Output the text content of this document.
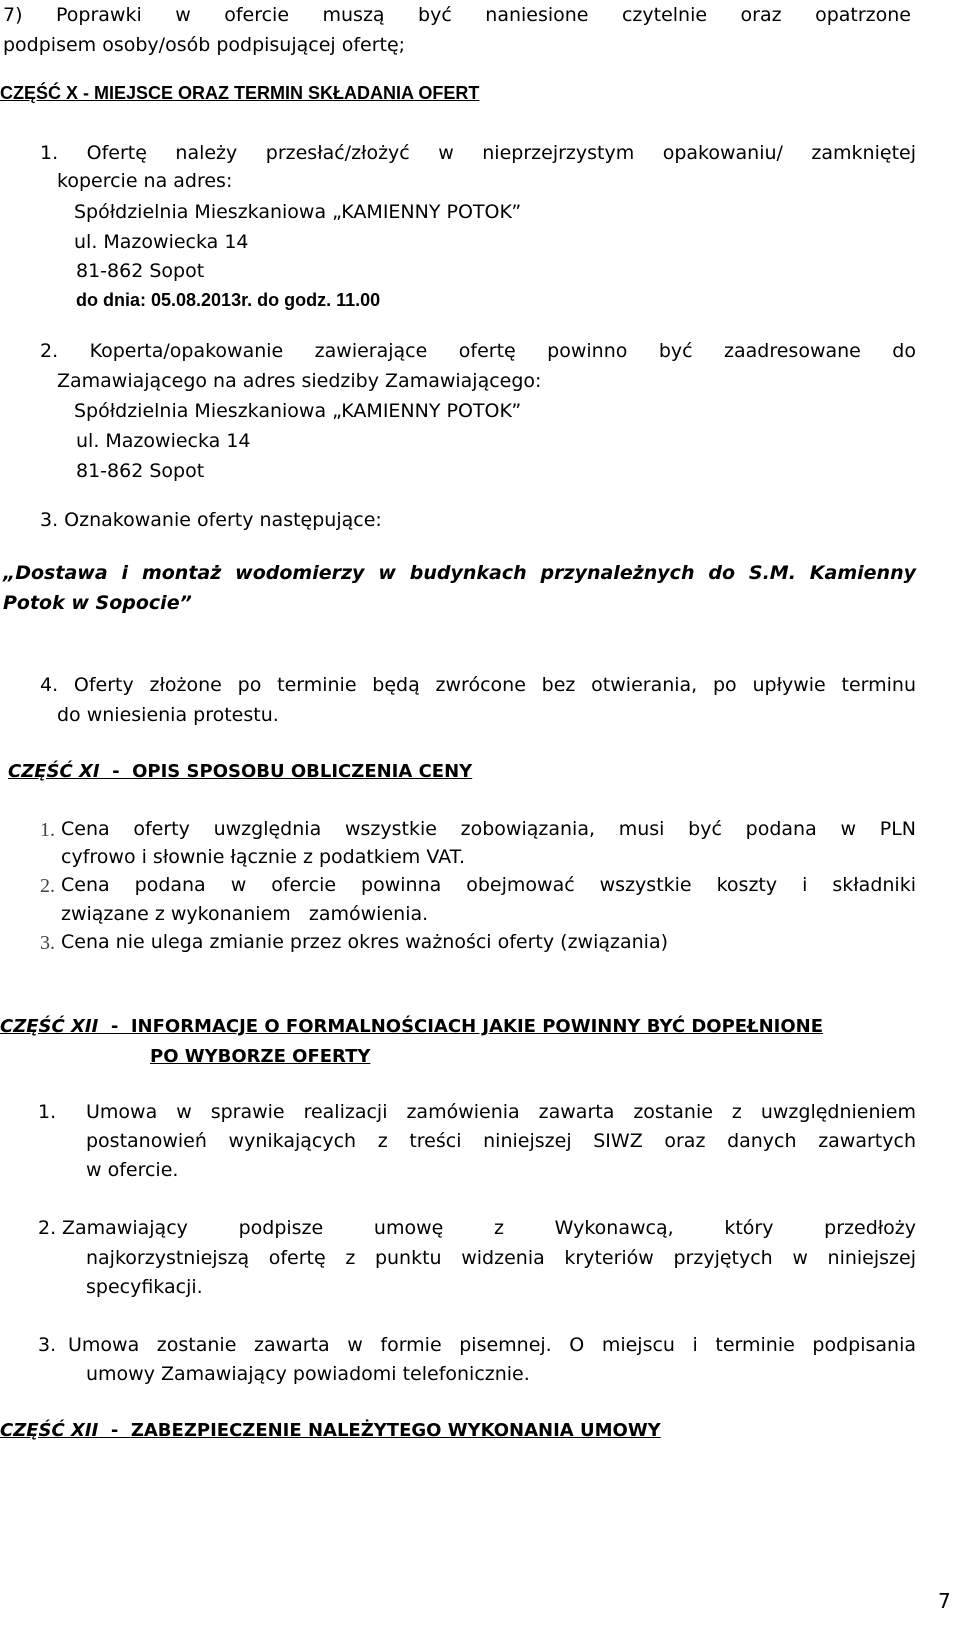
7) Poprawki w ofercie muszą być naniesione czytelnie oraz opatrzone
podpisem osoby/osób podpisującej ofertę;
CZĘŚĆ X - MIEJSCE ORAZ TERMIN SKŁADANIA OFERT
1. Ofertę należy przesłać/złożyć w nieprzejrzystym opakowaniu/ zamkniętej
kopercie na adres:
Spółdzielnia Mieszkaniowa „KAMIENNY POTOK”
ul. Mazowiecka 14
81-862 Sopot
do dnia: 05.08.2013r. do godz. 11.00
2. Koperta/opakowanie zawierające ofertę powinno być zaadresowane do
Zamawiającego na adres siedziby Zamawiającego:
Spółdzielnia Mieszkaniowa „KAMIENNY POTOK”
ul. Mazowiecka 14
81-862 Sopot
3. Oznakowanie oferty następujące:
„Dostawa i montaż wodomierzy w budynkach przynależnych do S.M. Kamienny
Potok w Sopocie”
4. Oferty złożone po terminie będą zwrócone bez otwierania, po upływie terminu
do wniesienia protestu.
CZĘŚĆ XI  -  OPIS SPOSOBU OBLICZENIA CENY
1. Cena oferty uwzględnia wszystkie zobowiązania, musi być podana w PLN
cyfrowo i słownie łącznie z podatkiem VAT.
2. Cena podana w ofercie powinna obejmować wszystkie koszty i składniki
związane z wykonaniem   zamówienia.
3. Cena nie ulega zmianie przez okres ważności oferty (związania)
CZĘŚĆ XII  -  INFORMACJE O FORMALNOŚCIACH JAKIE POWINNY BYĆ DOPEŁNIONE
PO WYBORZE OFERTY
1. Umowa w sprawie realizacji zamówienia zawarta zostanie z uwzględnieniem
postanowień wynikających z treści niniejszej SIWZ oraz danych zawartych
w ofercie.
2. Zamawiający podpisze umowę z Wykonawcą, który przedłoży
najkorzystniejszą ofertę z punktu widzenia kryteriów przyjętych w niniejszej
specyfikacji.
3. Umowa zostanie zawarta w formie pisemnej. O miejscu i terminie podpisania
umowy Zamawiający powiadomi telefonicznie.
CZĘŚĆ XII  -  ZABEZPIECZENIE NALEŻYTEGO WYKONANIA UMOWY
7
